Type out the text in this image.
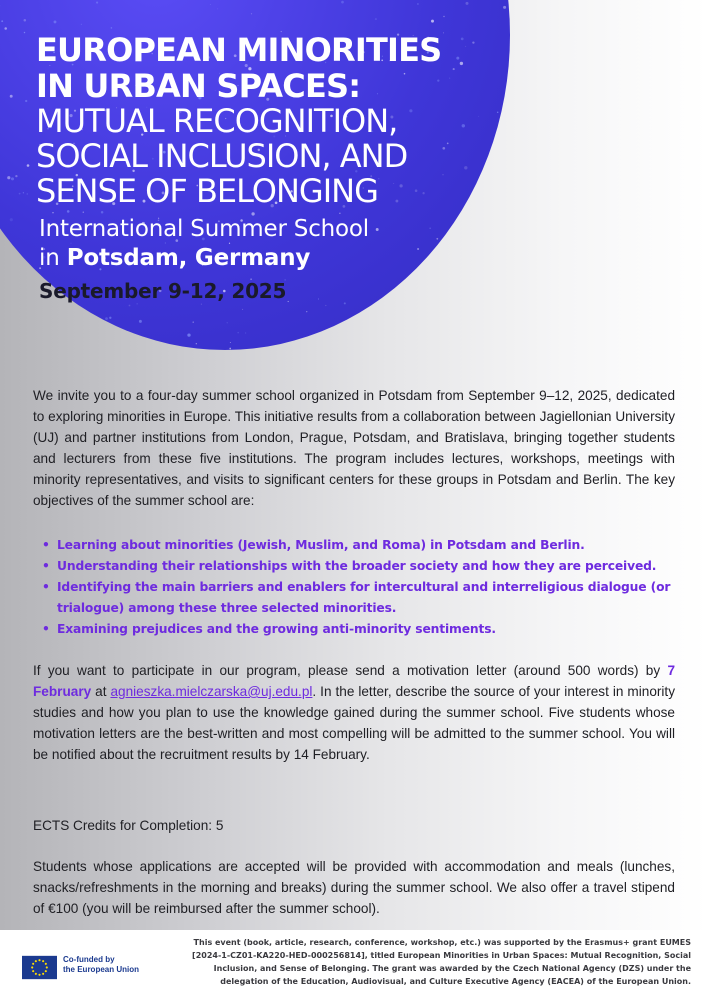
EUROPEAN MINORITIES
IN URBAN SPACES:
MUTUAL RECOGNITION,
SOCIAL INCLUSION, AND
SENSE OF BELONGING
International Summer School
in Potsdam, Germany
September 9-12, 2025

We invite you to a four-day summer school organized in Potsdam from September 9–12, 2025, dedicated to exploring minorities in Europe. This initiative results from a collaboration between Jagiellonian University (UJ) and partner institutions from London, Prague, Potsdam, and Bratislava, bringing together students and lecturers from these five institutions. The program includes lectures, workshops, meetings with minority representatives, and visits to significant centers for these groups in Potsdam and Berlin. The key objectives of the summer school are:

• Learning about minorities (Jewish, Muslim, and Roma) in Potsdam and Berlin.
• Understanding their relationships with the broader society and how they are perceived.
• Identifying the main barriers and enablers for intercultural and interreligious dialogue (or trialogue) among these three selected minorities.
• Examining prejudices and the growing anti-minority sentiments.

If you want to participate in our program, please send a motivation letter (around 500 words) by 7 February at agnieszka.mielczarska@uj.edu.pl. In the letter, describe the source of your interest in minority studies and how you plan to use the knowledge gained during the summer school. Five students whose motivation letters are the best-written and most compelling will be admitted to the summer school. You will be notified about the recruitment results by 14 February.

ECTS Credits for Completion: 5

Students whose applications are accepted will be provided with accommodation and meals (lunches, snacks/refreshments in the morning and breaks) during the summer school. We also offer a travel stipend of €100 (you will be reimbursed after the summer school).

Co-funded by
the European Union
This event (book, article, research, conference, workshop, etc.) was supported by the Erasmus+ grant EUMES [2024-1-CZ01-KA220-HED-000256814], titled European Minorities in Urban Spaces: Mutual Recognition, Social Inclusion, and Sense of Belonging. The grant was awarded by the Czech National Agency (DZS) under the delegation of the Education, Audiovisual, and Culture Executive Agency (EACEA) of the European Union.
